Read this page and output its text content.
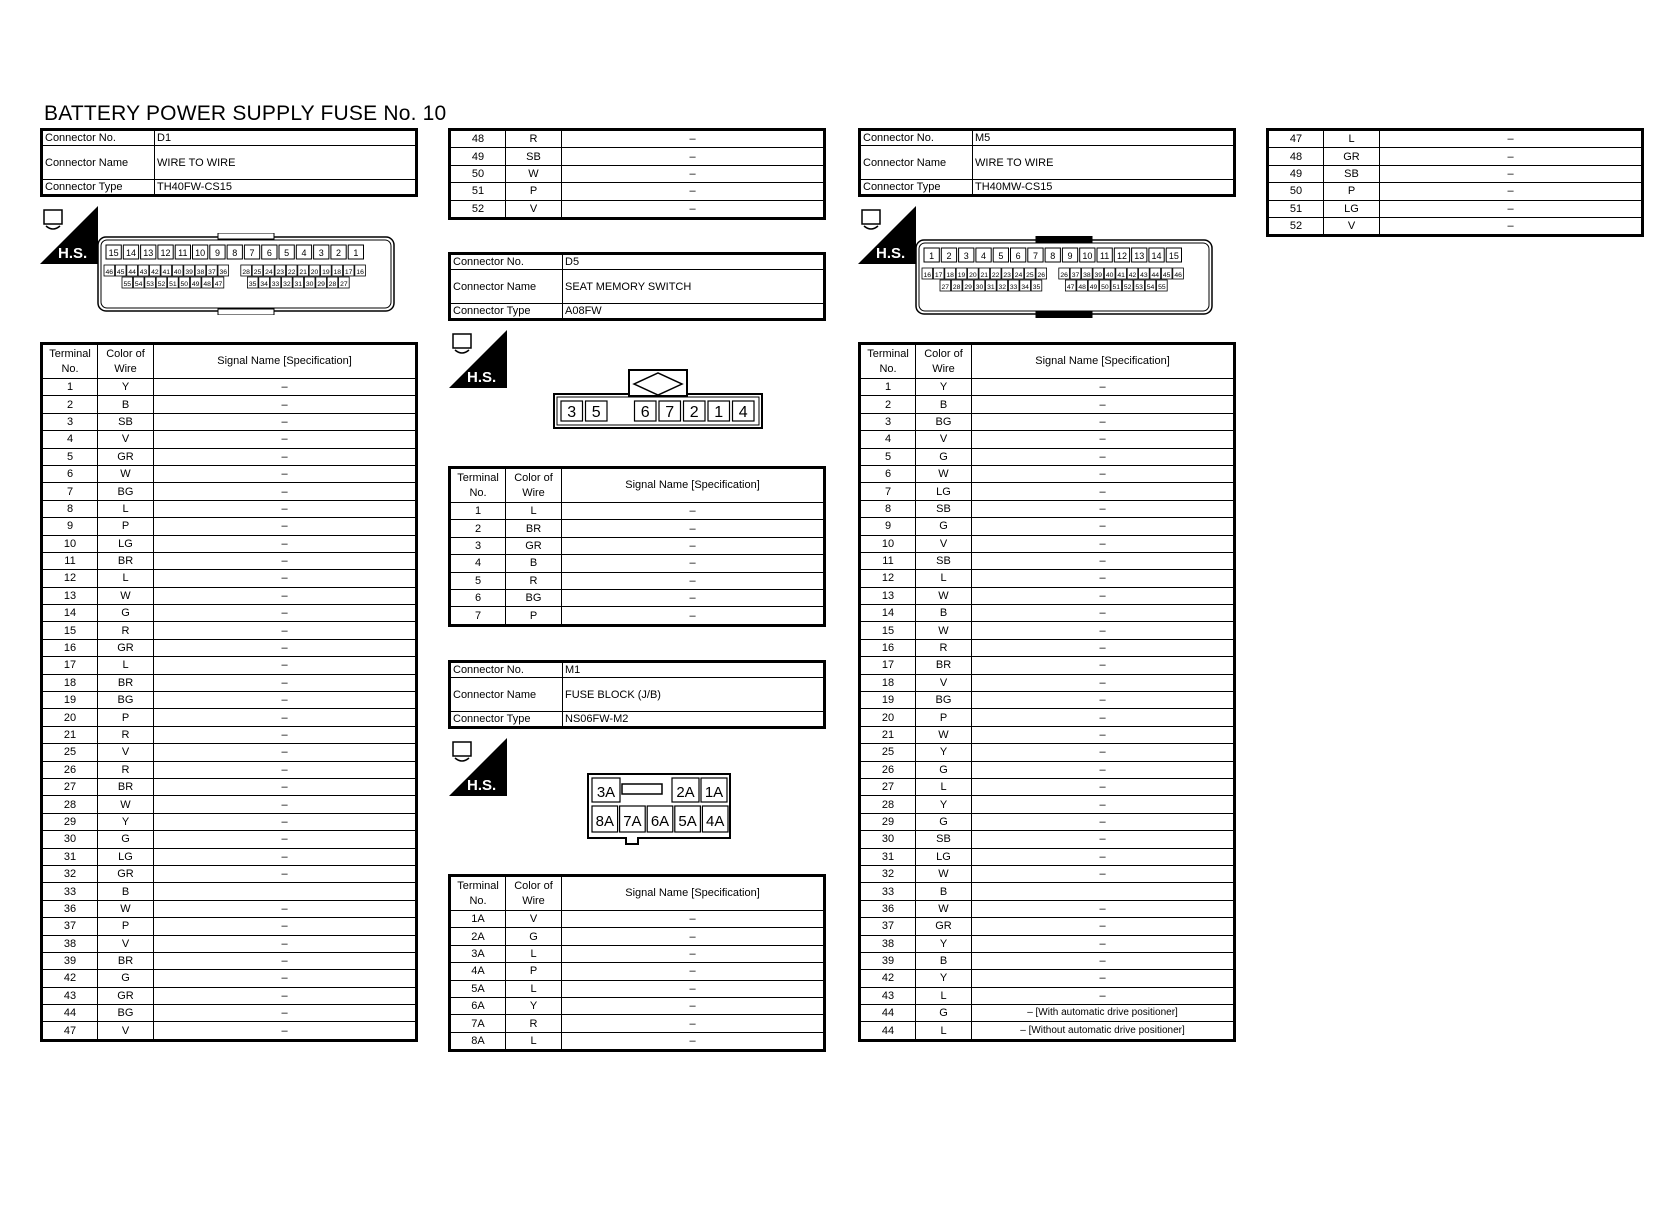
BATTERY POWER SUPPLY FUSE No. 10
Connector No.	D1
Connector Name	WIRE TO WIRE
Connector Type	TH40FW-CS15
H.S. 15 14 13 12 11 10 9 8 7 6 5 4 3 2 1
46 45 44 43 42 41 40 39 38 37 36 28 25 24 23 22 21 20 19 18 17 16
55 54 53 52 51 50 49 48 47	35 34 33 32 31 30 29 28 27
Terminal No.	Color of Wire	Signal Name [Specification]
1	Y	–
2	B	–
3	SB	–
4	V	–
5	GR	–
6	W	–
7	BG	–
8	L	–
9	P	–
10	LG	–
11	BR	–
12	L	–
13	W	–
14	G	–
15	R	–
16	GR	–
17	L	–
18	BR	–
19	BG	–
20	P	–
21	R	–
25	V	–
26	R	–
27	BR	–
28	W	–
29	Y	–
30	G	–
31	LG	–
32	GR	–
33	B	
36	W	–
37	P	–
38	V	–
39	BR	–
42	G	–
43	GR	–
44	BG	–
47	V	–
48	R	–
49	SB	–
50	W	–
51	P	–
52	V	–
Connector No.	D5
Connector Name	SEAT MEMORY SWITCH
Connector Type	A08FW
H.S.
3 5	6 7 2 1 4
Terminal No.	Color of Wire	Signal Name [Specification]
1	L	–
2	BR	–
3	GR	–
4	B	–
5	R	–
6	BG	–
7	P	–
Connector No.	M1
Connector Name	FUSE BLOCK (J/B)
Connector Type	NS06FW-M2
H.S.	3A	2A 1A
8A 7A 6A 5A 4A
Terminal No.	Color of Wire	Signal Name [Specification]
1A	V	–
2A	G	–
3A	L	–
4A	P	–
5A	L	–
6A	Y	–
7A	R	–
8A	L	–
Connector No.	M5
Connector Name	WIRE TO WIRE
Connector Type	TH40MW-CS15
H.S.	1 2 3 4 5 6 7 8 9 10 11 12 13 14 15
16 17 18 19 20 21 22 23 24 25 26 26 37 38 39 40 41 42 43 44 45 46
27 28 29 30 31 32 33 34 35	47 48 49 50 51 52 53 54 55
Terminal No.	Color of Wire	Signal Name [Specification]
1	Y	–
2	B	–
3	BG	–
4	V	–
5	G	–
6	W	–
7	LG	–
8	SB	–
9	G	–
10	V	–
11	SB	–
12	L	–
13	W	–
14	B	–
15	W	–
16	R	–
17	BR	–
18	V	–
19	BG	–
20	P	–
21	W	–
25	Y	–
26	G	–
27	L	–
28	Y	–
29	G	–
30	SB	–
31	LG	–
32	W	–
33	B	
36	W	–
37	GR	–
38	Y	–
39	B	–
42	Y	–
43	L	–
44	G	– [With automatic drive positioner]
44	L	– [Without automatic drive positioner]
47	L	–
48	GR	–
49	SB	–
50	P	–
51	LG	–
52	V	–
